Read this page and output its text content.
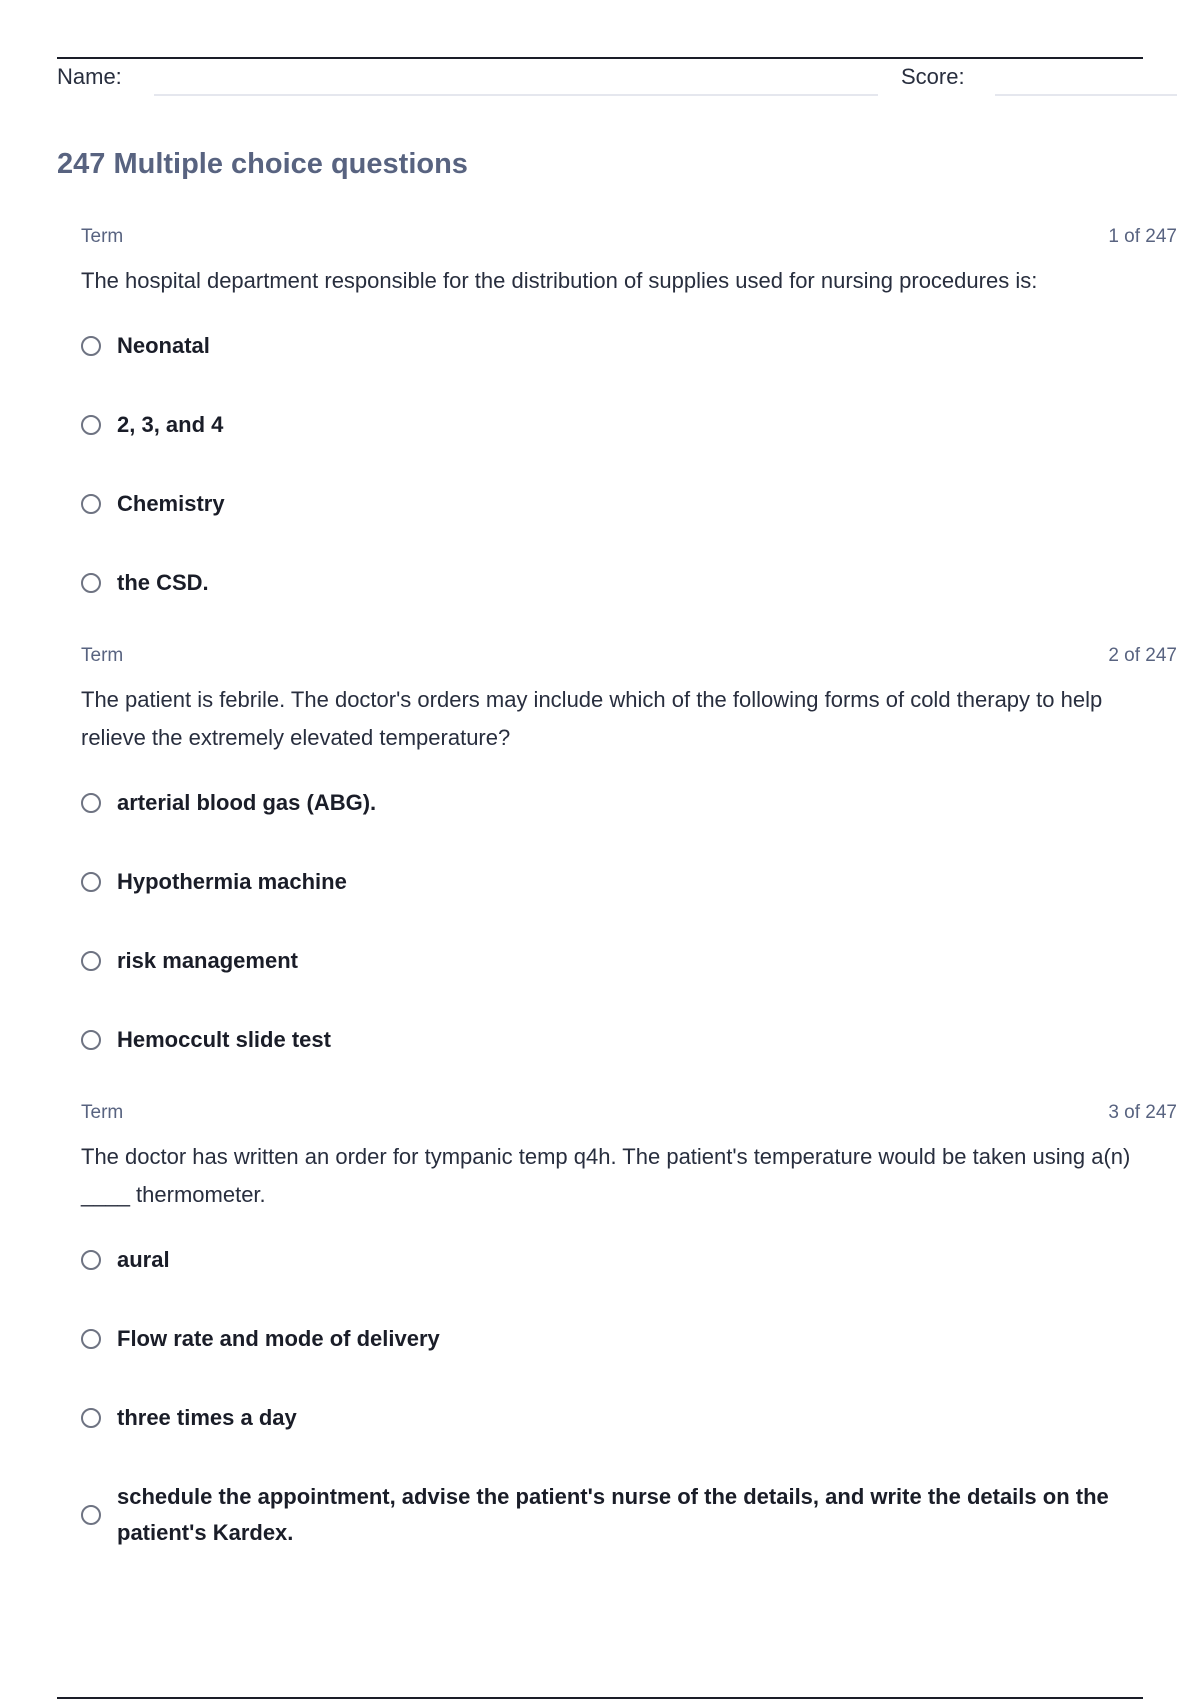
Name:	Score:
247 Multiple choice questions
Term	1 of 247

The hospital department responsible for the distribution of supplies used for nursing procedures is:

Neonatal
2, 3, and 4
Chemistry
the CSD.
Term	2 of 247

The patient is febrile. The doctor's orders may include which of the following forms of cold therapy to help relieve the extremely elevated temperature?

arterial blood gas (ABG).
Hypothermia machine
risk management
Hemoccult slide test
Term	3 of 247

The doctor has written an order for tympanic temp q4h. The patient's temperature would be taken using a(n) ____ thermometer.

aural
Flow rate and mode of delivery
three times a day
schedule the appointment, advise the patient's nurse of the details, and write the details on the patient's Kardex.
